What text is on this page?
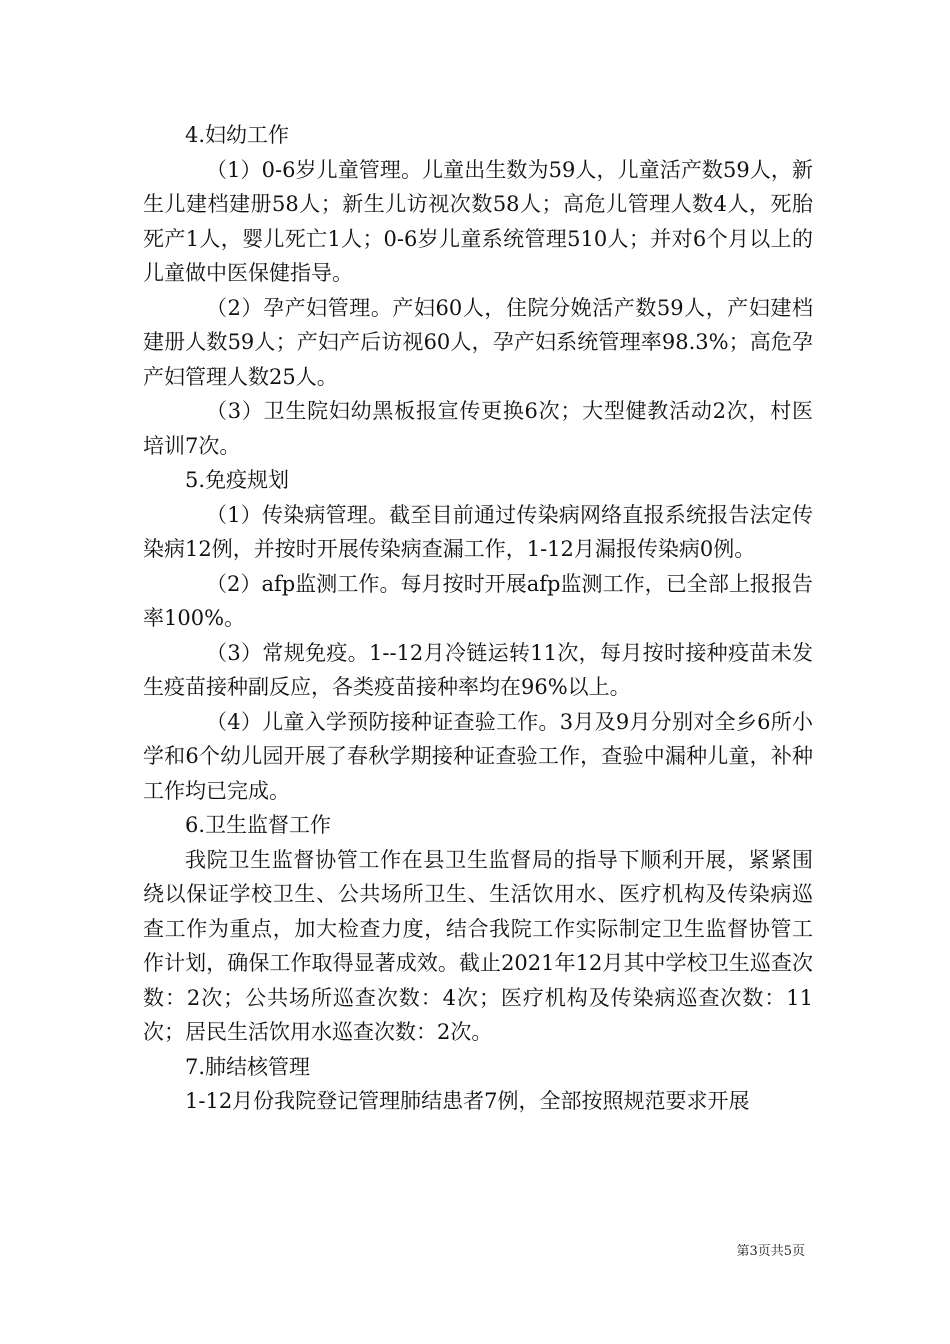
4.妇幼工作

（1）0-6岁儿童管理。儿童出生数为59人，儿童活产数59人，新生儿建档建册58人；新生儿访视次数58人；高危儿管理人数4人，死胎死产1人，婴儿死亡1人；0-6岁儿童系统管理510人；并对6个月以上的儿童做中医保健指导。

（2）孕产妇管理。产妇60人，住院分娩活产数59人，产妇建档建册人数59人；产妇产后访视60人，孕产妇系统管理率98.3%；高危孕产妇管理人数25人。

（3）卫生院妇幼黑板报宣传更换6次；大型健教活动2次，村医培训7次。

5.免疫规划

（1）传染病管理。截至目前通过传染病网络直报系统报告法定传染病12例，并按时开展传染病查漏工作，1-12月漏报传染病0例。

（2）afp监测工作。每月按时开展afp监测工作，已全部上报报告率100%。

（3）常规免疫。1--12月冷链运转11次，每月按时接种疫苗未发生疫苗接种副反应，各类疫苗接种率均在96%以上。

（4）儿童入学预防接种证查验工作。3月及9月分别对全乡6所小学和6个幼儿园开展了春秋学期接种证查验工作，查验中漏种儿童，补种工作均已完成。

6.卫生监督工作

我院卫生监督协管工作在县卫生监督局的指导下顺利开展，紧紧围绕以保证学校卫生、公共场所卫生、生活饮用水、医疗机构及传染病巡查工作为重点，加大检查力度，结合我院工作实际制定卫生监督协管工作计划，确保工作取得显著成效。截止2021年12月其中学校卫生巡查次数：2次；公共场所巡查次数：4次；医疗机构及传染病巡查次数：11次；居民生活饮用水巡查次数：2次。

7.肺结核管理

1-12月份我院登记管理肺结患者7例，全部按照规范要求开展

第3页共5页
